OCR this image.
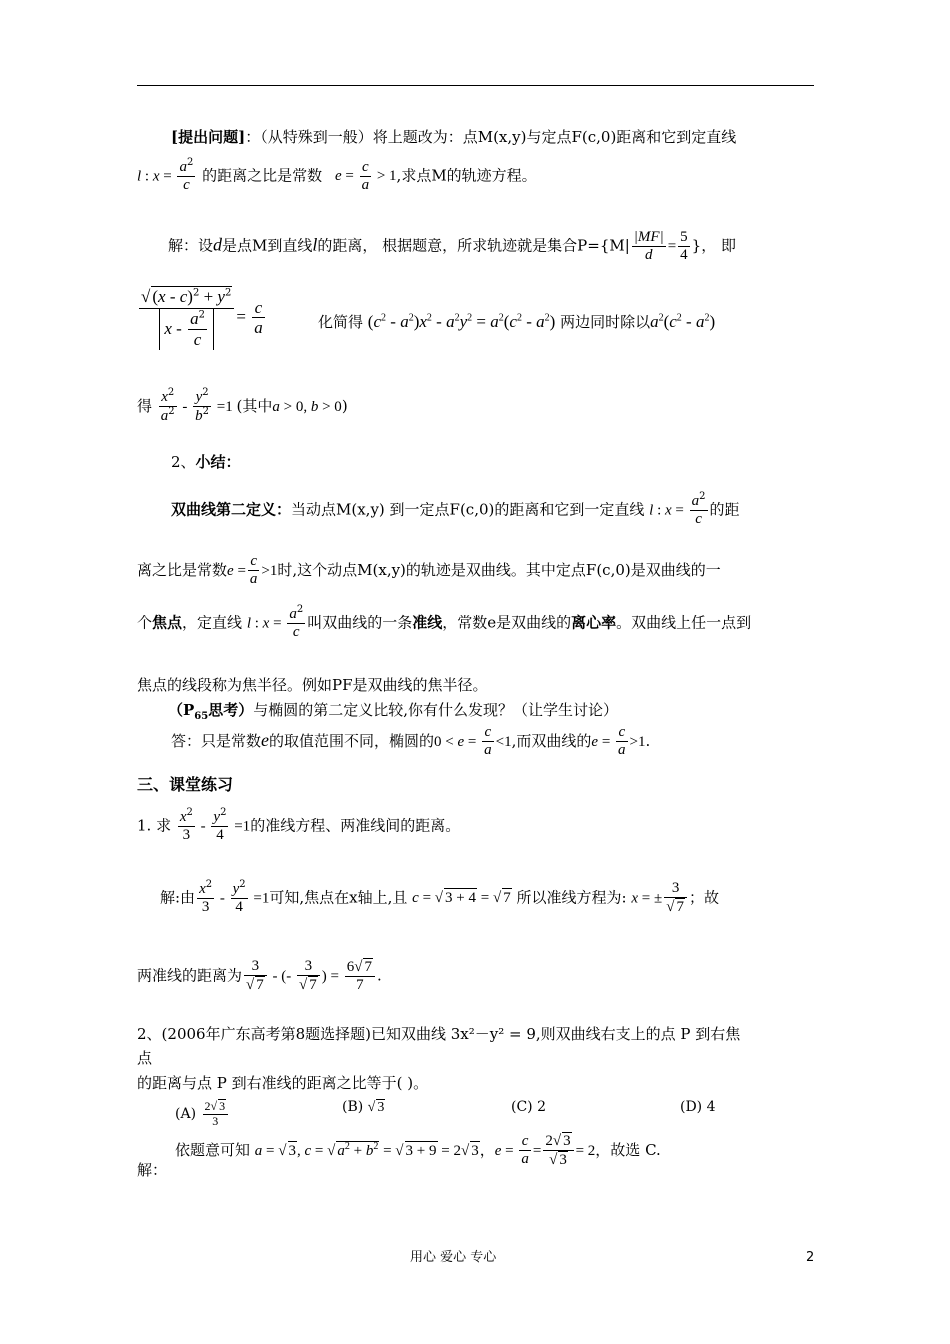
[提出问题]：（从特殊到一般）将上题改为：点M(x,y)与定点F(c,0)距离和它到定直线
l : $x = \frac{a^2}{c}$ 的距离之比是常数 $e = \frac{c}{a} > 1$,求点M的轨迹方程。
解：设d是点M到直线l的距离， 根据题意，所求轨迹就是集合$P=\{M| \frac{|MF|}{d} = \frac{5}{4}$ }， 即
$\frac{√ (x - c)^2 + y^2}{x - \frac{a^2}{c}} = \frac{c}{a}$	化简得 $(c^2 - a^2)x^2 - a^2y^2 = a^2(c^2 - a^2)$ 两边同时除以$a^2(c^2 - a^2)$
得 $\frac{x^2}{a^2} - \frac{y^2}{b^2} =1$ (其中a > 0, b > 0)
2、小结：
双曲线第二定义：当动点M(x,y) 到一定点F(c,0)的距离和它到一定直线 l : $x = \frac{a^2}{c}$ 的距
离之比是常数$e = \frac{c}{a} >1$时,这个动点M(x,y)的轨迹是双曲线。其中定点F(c,0)是双曲线的一
个焦点，定直线 l : $x = \frac{a^2}{c}$ 叫双曲线的一条准线，常数e是双曲线的离心率。双曲线上任一点到
焦点的线段称为焦半径。例如PF是双曲线的焦半径。
（$P_{65}$思考）与椭圆的第二定义比较,你有什么发现？（让学生讨论）
答：只是常数e的取值范围不同，椭圆的$0 < e = \frac{c}{a} <1$,而双曲线的$e = \frac{c}{a} >1$.
三、课堂练习
1. 求 $\frac{x^2}{3} - \frac{y^2}{4} =1$的准线方程、两准线间的距离。
解:由 $\frac{x^2}{3} - \frac{y^2}{4} =1$可知,焦点在x轴上,且 c = √ 3 + 4 = √ 7 所以准线方程为: x = ± $\frac{3}{√ 7}$ ；故
两准线的距离为 $\frac{3}{√ 7}$ - (- $\frac{3}{√ 7}$ ) = $\frac{6√ 7}{7}$ .
2、(2006年广东高考第8题选择题)已知双曲线 3x²－y² = 9,则双曲线右支上的点 P 到右焦
点
的距离与点 P 到右准线的距离之比等于( )。
$(A) \frac{2√ 3}{3}$	(B) √ 3	(C) 2	(D) 4
依题意可知 a = √ 3, c = √ $a^2 + b^2$ = √ 3 + 9 = 2√ 3，$e = \frac{c}{a} = \frac{2√ 3}{√ 3} = 2$，故选 C.
解：
用心 爱心 专心	2
